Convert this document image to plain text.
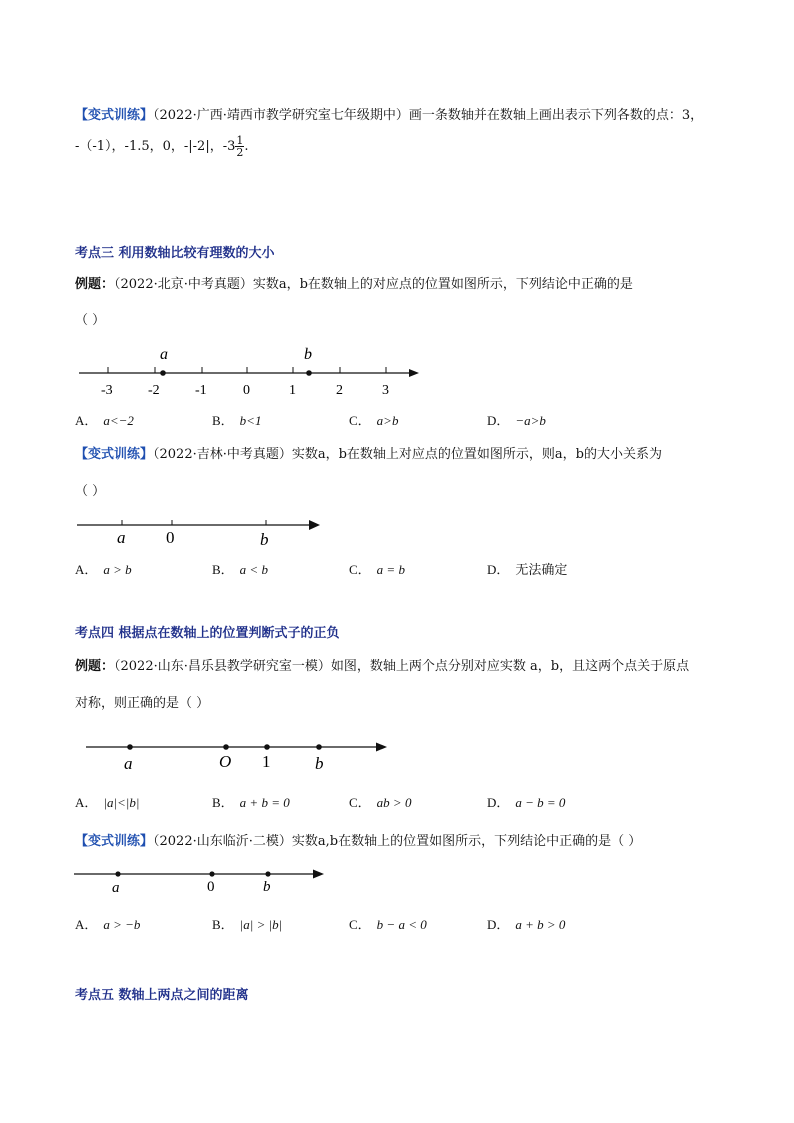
【变式训练】（2022·广西·靖西市教学研究室七年级期中）画一条数轴并在数轴上画出表示下列各数的点：3，
-（-1），-1.5，0，-|-2|，$-3 \frac{1}{2}$ .
考点三 利用数轴比较有理数的大小
例题：（2022·北京·中考真题）实数a，b在数轴上的对应点的位置如图所示，下列结论中正确的是
（ ）
a	b
-3	-2	-1	0	1	2	3
A． a<−2	B． b<1	C． a>b	D． −a>b
【变式训练】（2022·吉林·中考真题）实数a，b在数轴上对应点的位置如图所示，则a，b的大小关系为
（ ）
a 0	b
A． a > b	B． a < b	C． a = b	D． 无法确定
考点四 根据点在数轴上的位置判断式子的正负
例题：（2022·山东·昌乐县教学研究室一模）如图，数轴上两个点分别对应实数 a，b，且这两个点关于原点
对称，则正确的是（ ）
a	O 1	b
A． |a|<|b|	B． a + b = 0	C． ab > 0	D． a − b = 0
【变式训练】（2022·山东临沂·二模）实数a,b在数轴上的位置如图所示，下列结论中正确的是（ ）
a	0	b
A． a > −b	B． |a| > |b|	C． b − a < 0	D． a + b > 0
考点五 数轴上两点之间的距离
